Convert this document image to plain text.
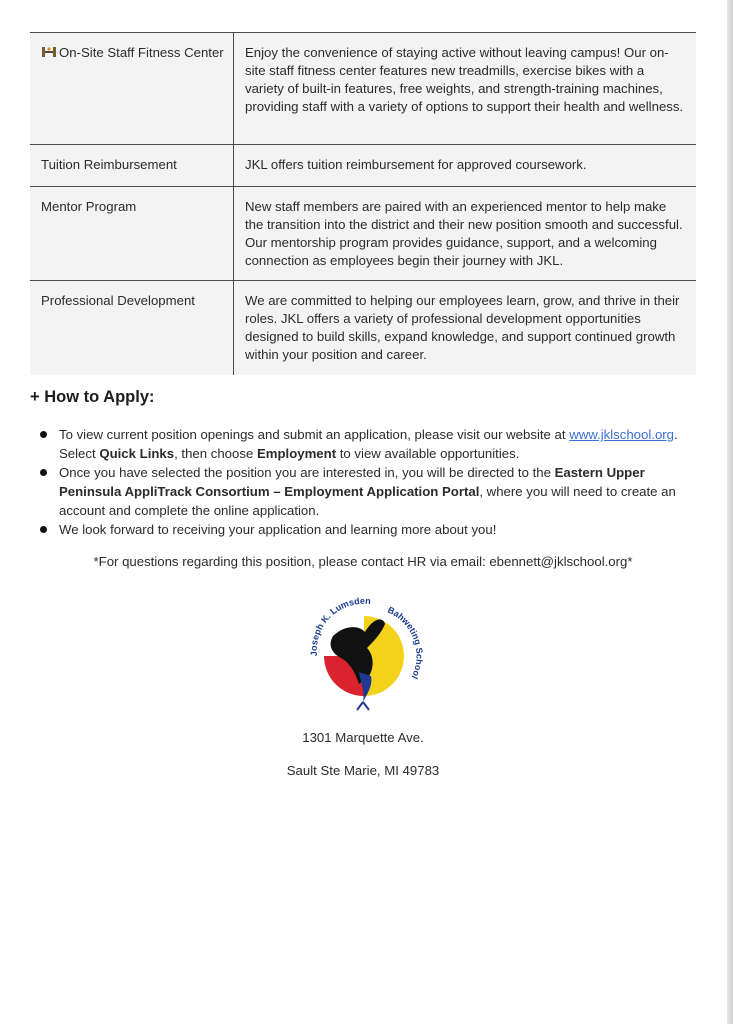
On-Site Staff Fitness Center	Enjoy the convenience of staying active without leaving campus! Our on-site staff fitness center features new treadmills, exercise bikes with a variety of built-in features, free weights, and strength-training machines, providing staff with a variety of options to support their health and wellness.
Tuition Reimbursement	JKL offers tuition reimbursement for approved coursework.
Mentor Program	New staff members are paired with an experienced mentor to help make the transition into the district and their new position smooth and successful. Our mentorship program provides guidance, support, and a welcoming connection as employees begin their journey with JKL.
Professional Development	We are committed to helping our employees learn, grow, and thrive in their roles. JKL offers a variety of professional development opportunities designed to build skills, expand knowledge, and support continued growth within your position and career.
+ How to Apply:
To view current position openings and submit an application, please visit our website at www.jklschool.org. Select Quick Links, then choose Employment to view available opportunities.
Once you have selected the position you are interested in, you will be directed to the Eastern Upper Peninsula AppliTrack Consortium – Employment Application Portal, where you will need to create an account and complete the online application.
We look forward to receiving your application and learning more about you!
*For questions regarding this position, please contact HR via email: ebennett@jklschool.org*
Joseph K. Lumsden
Bahweting School
1301 Marquette Ave.
Sault Ste Marie, MI 49783
